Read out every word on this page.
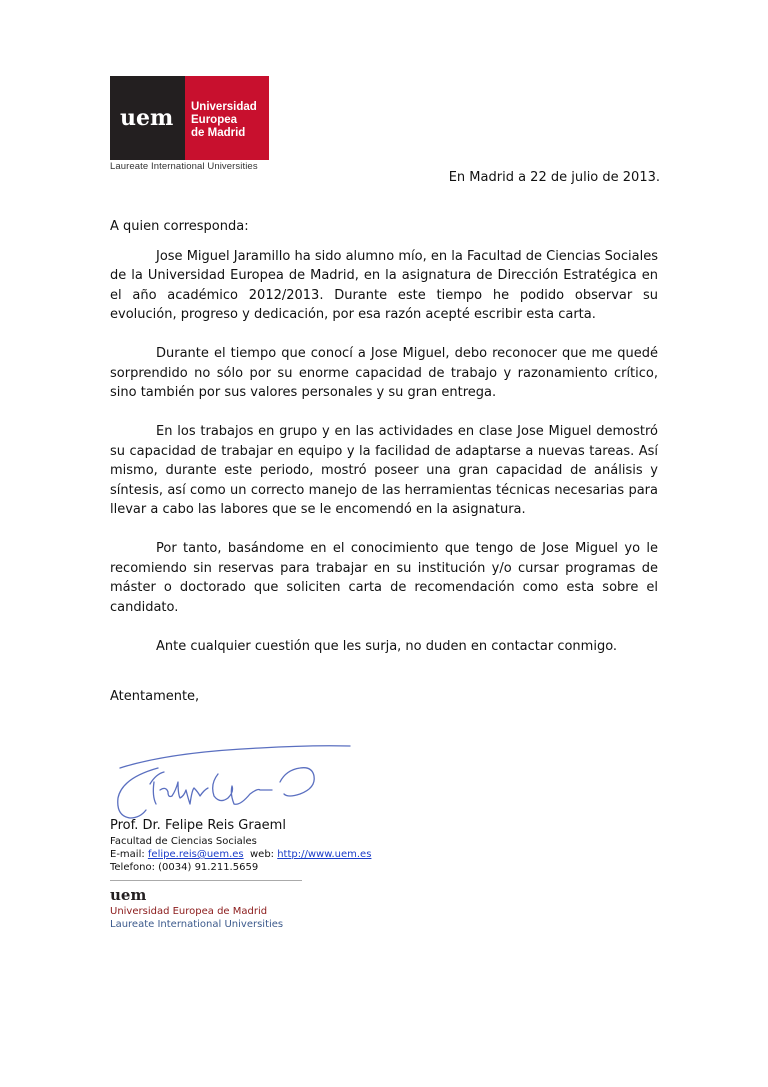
uem Universidad
Europea
de Madrid
Laureate International Universities
En Madrid a 22 de julio de 2013.

A quien corresponda:

Jose Miguel Jaramillo ha sido alumno mío, en la Facultad de Ciencias Sociales de la Universidad Europea de Madrid, en la asignatura de Dirección Estratégica en el año académico 2012/2013. Durante este tiempo he podido observar su evolución, progreso y dedicación, por esa razón acepté escribir esta carta.

Durante el tiempo que conocí a Jose Miguel, debo reconocer que me quedé sorprendido no sólo por su enorme capacidad de trabajo y razonamiento crítico, sino también por sus valores personales y su gran entrega.

En los trabajos en grupo y en las actividades en clase Jose Miguel demostró su capacidad de trabajar en equipo y la facilidad de adaptarse a nuevas tareas. Así mismo, durante este periodo, mostró poseer una gran capacidad de análisis y síntesis, así como un correcto manejo de las herramientas técnicas necesarias para llevar a cabo las labores que se le encomendó en la asignatura.

Por tanto, basándome en el conocimiento que tengo de Jose Miguel yo le recomiendo sin reservas para trabajar en su institución y/o cursar programas de máster o doctorado que soliciten carta de recomendación como esta sobre el candidato.

Ante cualquier cuestión que les surja, no duden en contactar conmigo.

Atentamente,

Prof. Dr. Felipe Reis Graeml
Facultad de Ciencias Sociales
E-mail: felipe.reis@uem.es  web: http://www.uem.es
Telefono: (0034) 91.211.5659
uem
Universidad Europea de Madrid
Laureate International Universities
